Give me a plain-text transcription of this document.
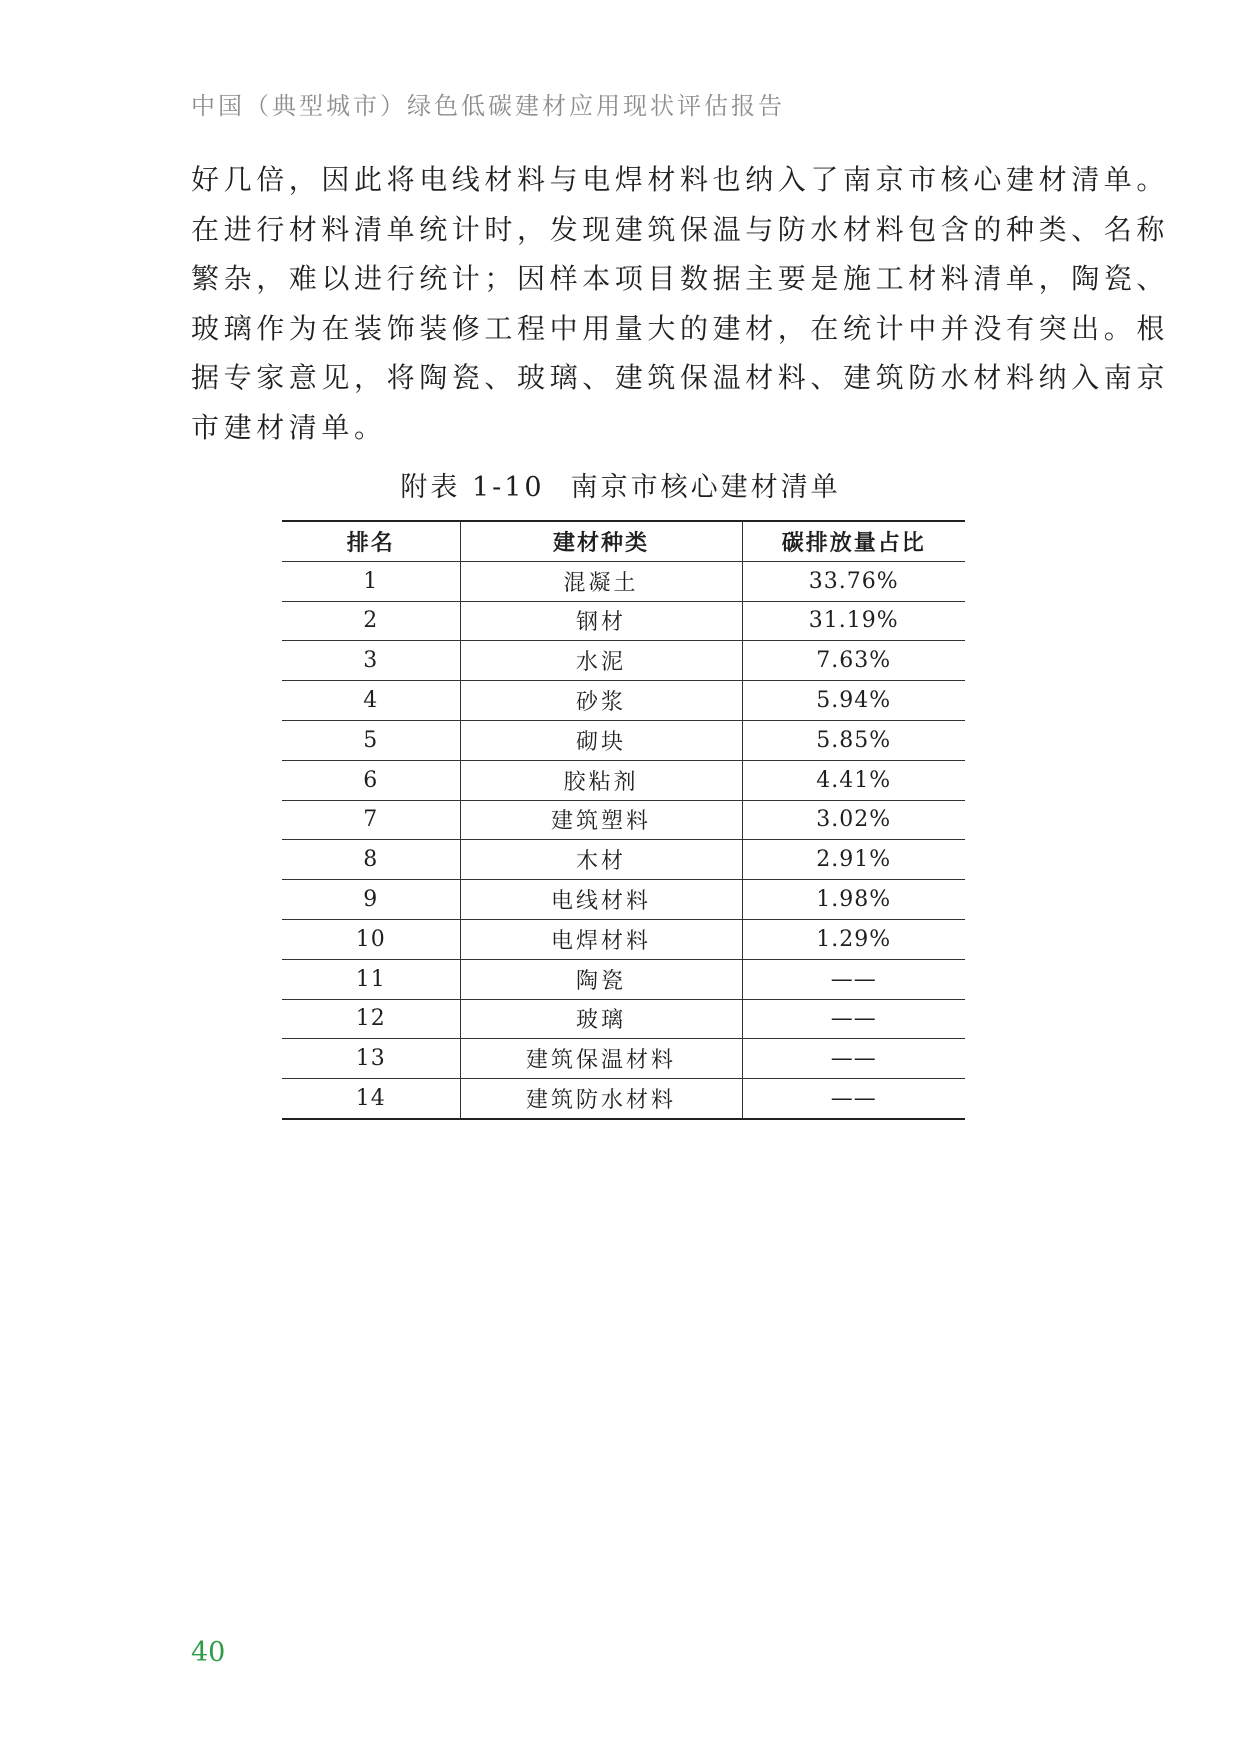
中国（典型城市）绿色低碳建材应用现状评估报告
好几倍，因此将电线材料与电焊材料也纳入了南京市核心建材清单。
在进行材料清单统计时，发现建筑保温与防水材料包含的种类、名称
繁杂，难以进行统计；因样本项目数据主要是施工材料清单，陶瓷、
玻璃作为在装饰装修工程中用量大的建材，在统计中并没有突出。根
据专家意见，将陶瓷、玻璃、建筑保温材料、建筑防水材料纳入南京
市建材清单。
附表 1-10 南京市核心建材清单
排名	建材种类	碳排放量占比
1	混凝土	33.76%
2	钢材	31.19%
3	水泥	7.63%
4	砂浆	5.94%
5	砌块	5.85%
6	胶粘剂	4.41%
7	建筑塑料	3.02%
8	木材	2.91%
9	电线材料	1.98%
10	电焊材料	1.29%
11	陶瓷	——
12	玻璃	——
13	建筑保温材料	——
14	建筑防水材料	——
40
